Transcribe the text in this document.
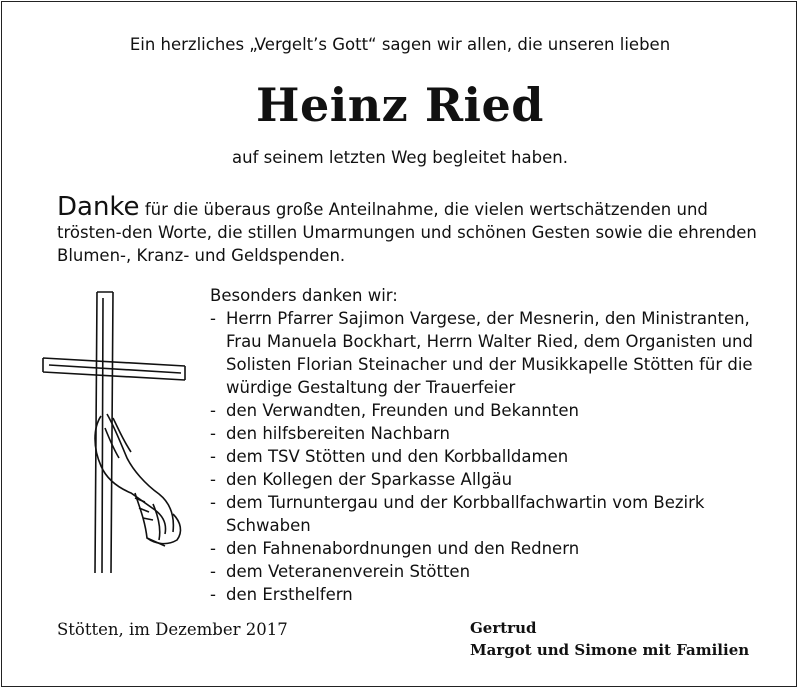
Ein herzliches „Vergelt’s Gott“ sagen wir allen, die unseren lieben
Heinz Ried
auf seinem letzten Weg begleitet haben.
Danke für die überaus große Anteilnahme, die vielen wertschätzenden und trösten-den Worte, die stillen Umarmungen und schönen Gesten sowie die ehrenden Blumen-, Kranz- und Geldspenden.
Besonders danken wir:
- Herrn Pfarrer Sajimon Vargese, der Mesnerin, den Ministranten, Frau Manuela Bockhart, Herrn Walter Ried, dem Organisten und Solisten Florian Steinacher und der Musikkapelle Stötten für die würdige Gestaltung der Trauerfeier
- den Verwandten, Freunden und Bekannten
- den hilfsbereiten Nachbarn
- dem TSV Stötten und den Korbballdamen
- den Kollegen der Sparkasse Allgäu
- dem Turnuntergau und der Korbballfachwartin vom Bezirk Schwaben
- den Fahnenabordnungen und den Rednern
- dem Veteranenverein Stötten
- den Ersthelfern
Stötten, im Dezember 2017	Gertrud
Margot und Simone mit Familien
